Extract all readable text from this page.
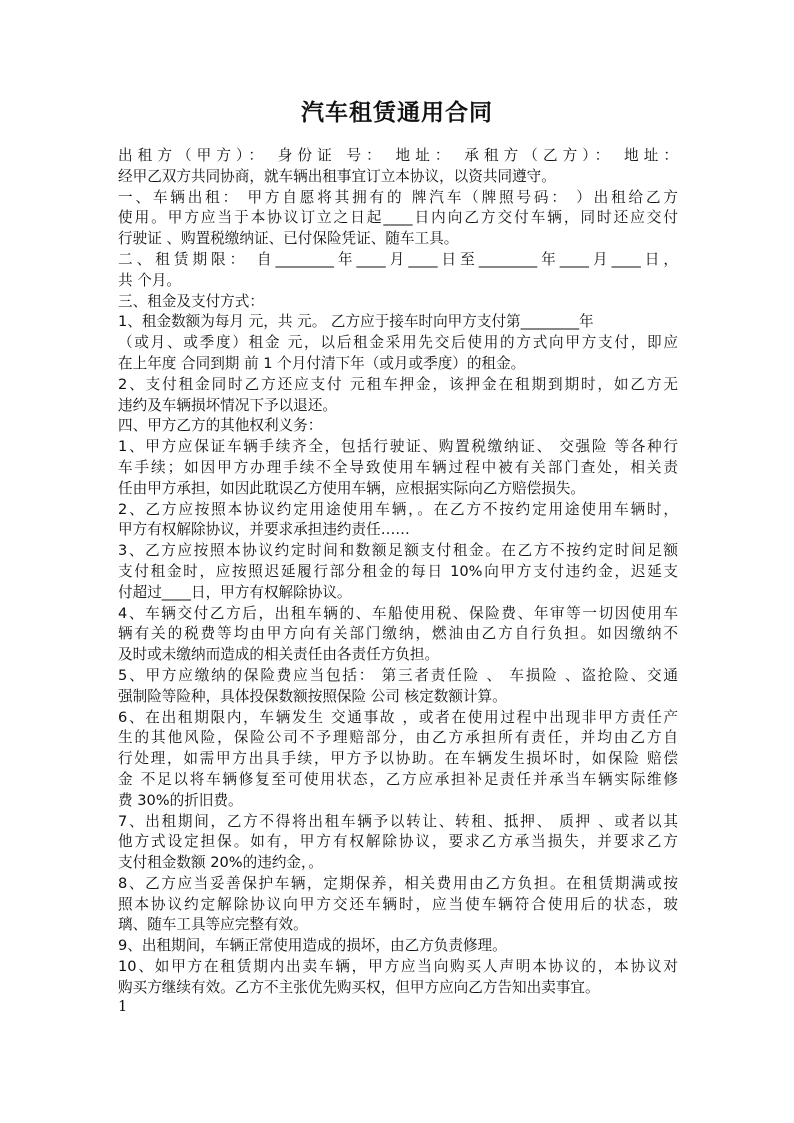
汽车租赁通用合同
出租方（甲方）： 身份证 号： 地址： 承租方（乙方）： 地址：
经甲乙双方共同协商，就车辆出租事宜订立本协议，以资共同遵守。
一、车辆出租： 甲方自愿将其拥有的 牌汽车（牌照号码： ）出租给乙方
使用。甲方应当于本协议订立之日起____日内向乙方交付车辆，同时还应交付
行驶证 、购置税缴纳证、已付保险凭证、随车工具。
二、租赁期限： 自________年____月____日至________年____月____日，
共 个月。
三、租金及支付方式：
1、租金数额为每月 元，共 元。 乙方应于接车时向甲方支付第________年
（或月、或季度）租金 元，以后租金采用先交后使用的方式向甲方支付，即应
在上年度 合同到期 前 1 个月付清下年（或月或季度）的租金。
2、支付租金同时乙方还应支付 元租车押金，该押金在租期到期时，如乙方无
违约及车辆损坏情况下予以退还。
四、甲方乙方的其他权利义务：
1、甲方应保证车辆手续齐全，包括行驶证、购置税缴纳证、 交强险 等各种行
车手续；如因甲方办理手续不全导致使用车辆过程中被有关部门查处，相关责
任由甲方承担，如因此耽误乙方使用车辆，应根据实际向乙方赔偿损失。
2、乙方应按照本协议约定用途使用车辆，。在乙方不按约定用途使用车辆时，
甲方有权解除协议，并要求承担违约责任……
3、乙方应按照本协议约定时间和数额足额支付租金。在乙方不按约定时间足额
支付租金时，应按照迟延履行部分租金的每日 10%向甲方支付违约金，迟延支
付超过____日，甲方有权解除协议。
4、车辆交付乙方后，出租车辆的、车船使用税、保险费、年审等一切因使用车
辆有关的税费等均由甲方向有关部门缴纳，燃油由乙方自行负担。如因缴纳不
及时或未缴纳而造成的相关责任由各责任方负担。
5、甲方应缴纳的保险费应当包括： 第三者责任险 、 车损险 、盗抢险、交通
强制险等险种，具体投保数额按照保险 公司 核定数额计算。
6、在出租期限内，车辆发生 交通事故 ，或者在使用过程中出现非甲方责任产
生的其他风险，保险公司不予理赔部分，由乙方承担所有责任，并均由乙方自
行处理，如需甲方出具手续，甲方予以协助。在车辆发生损坏时，如保险 赔偿
金 不足以将车辆修复至可使用状态，乙方应承担补足责任并承当车辆实际维修
费 30%的折旧费。
7、出租期间，乙方不得将出租车辆予以转让、转租、抵押、 质押 、或者以其
他方式设定担保。如有，甲方有权解除协议，要求乙方承当损失，并要求乙方
支付租金数额 20%的违约金，。
8、乙方应当妥善保护车辆，定期保养，相关费用由乙方负担。在租赁期满或按
照本协议约定解除协议向甲方交还车辆时，应当使车辆符合使用后的状态，玻
璃、随车工具等应完整有效。
9、出租期间，车辆正常使用造成的损坏，由乙方负责修理。
10、如甲方在租赁期内出卖车辆，甲方应当向购买人声明本协议的，本协议对
购买方继续有效。乙方不主张优先购买权，但甲方应向乙方告知出卖事宜。
1
